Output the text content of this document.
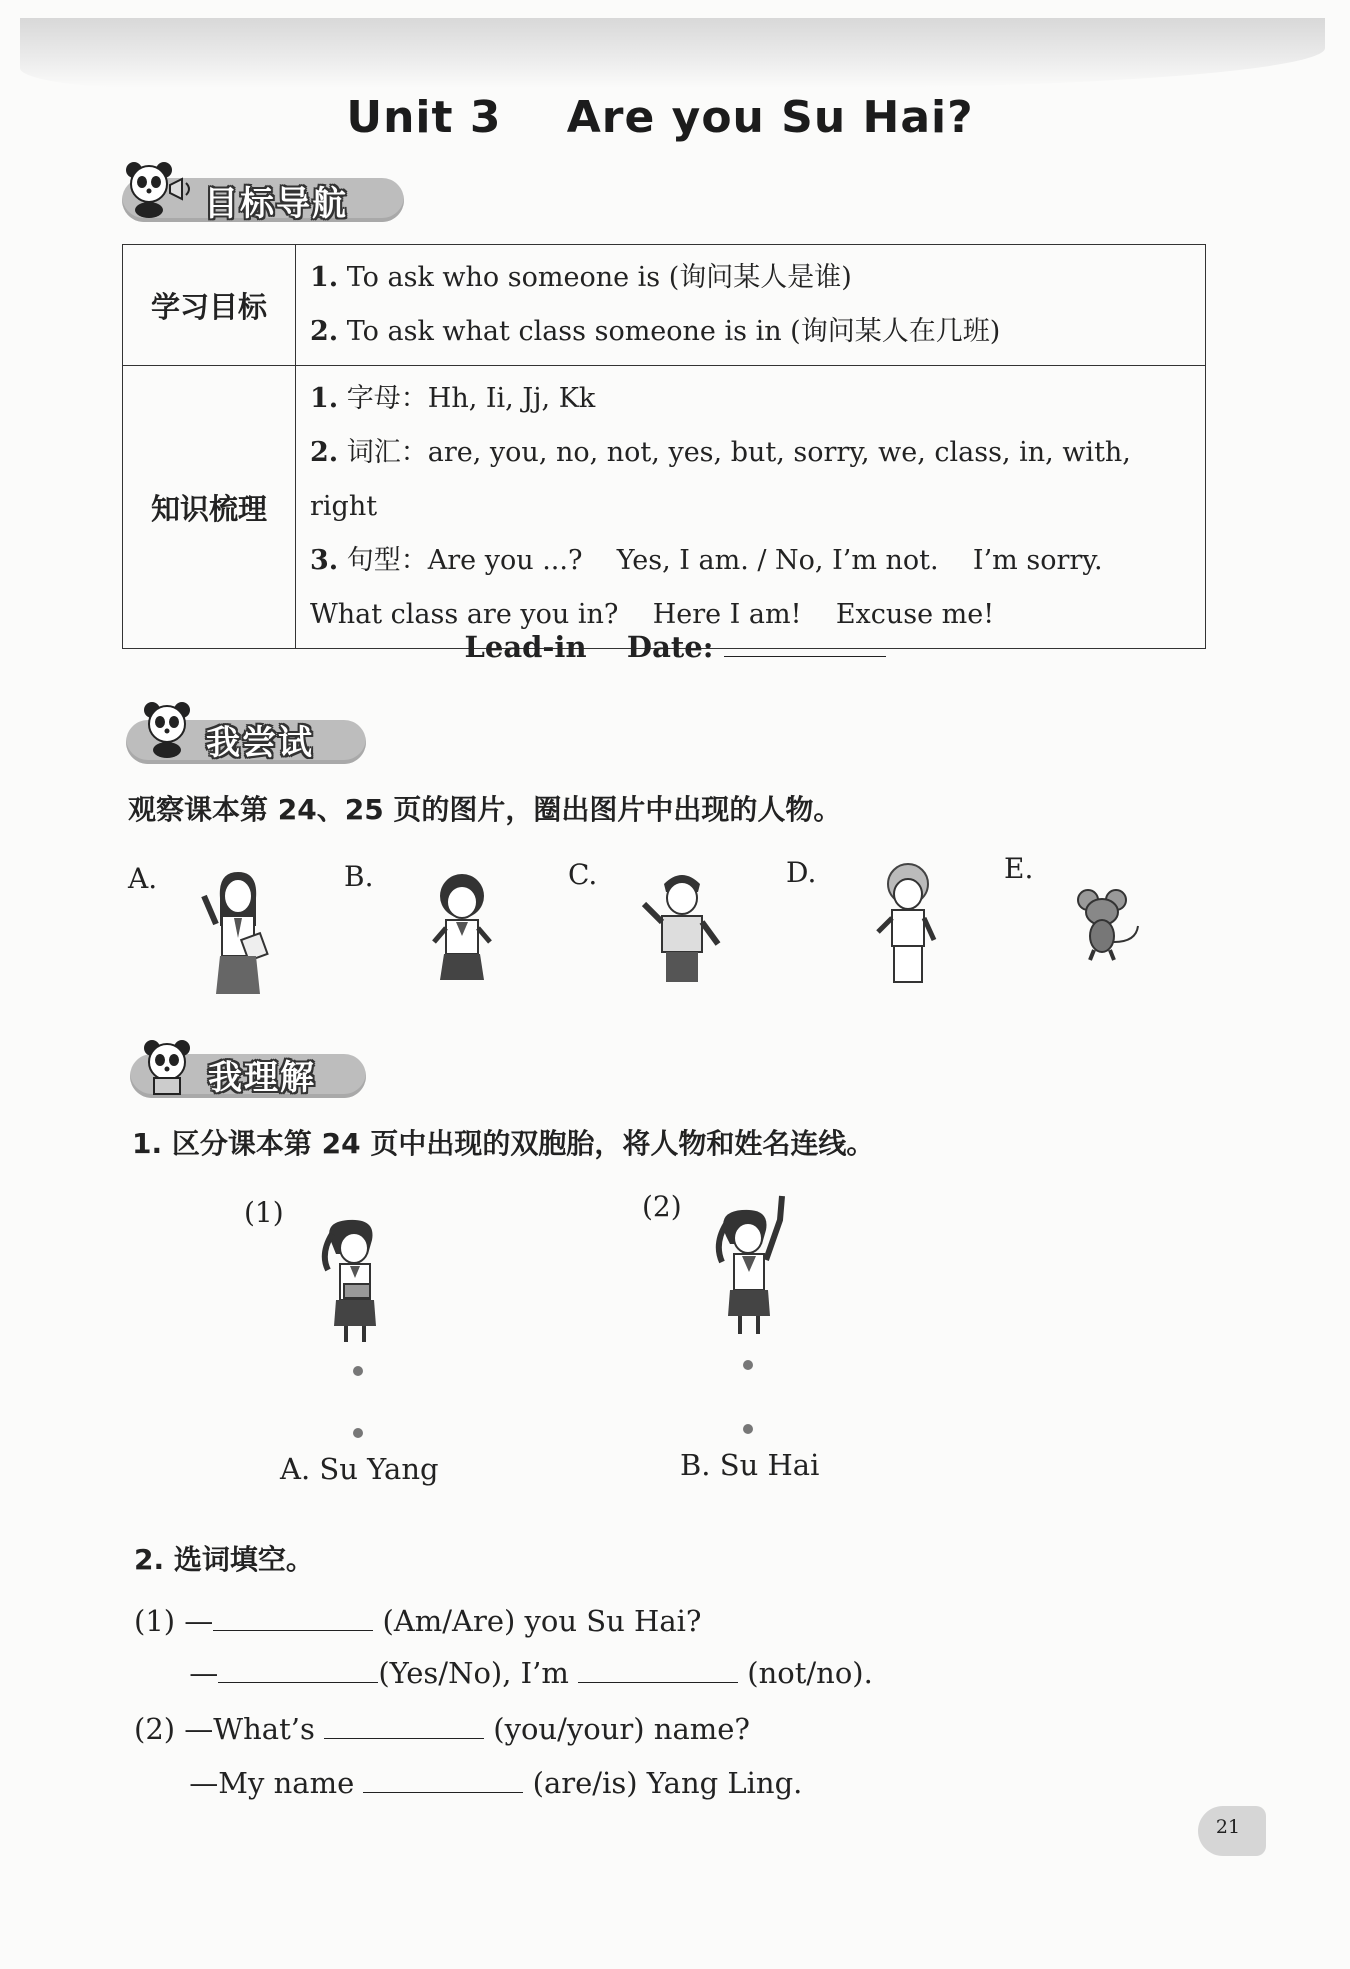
Unit 3    Are you Su Hai?
目标导航
学习目标	1. To ask who someone is (询问某人是谁)
2. To ask what class someone is in (询问某人在几班)

知识梳理	1. 字母：Hh, Ii, Jj, Kk
2. 词汇：are, you, no, not, yes, but, sorry, we, class, in, with, right
3. 句型：Are you ...?    Yes, I am. / No, I’m not.    I’m sorry.
What class are you in?    Here I am!    Excuse me!
Lead-in    Date:
我尝试
观察课本第 24、25 页的图片，圈出图片中出现的人物。
A.	B.	C.	D.	E.
我理解
1. 区分课本第 24 页中出现的双胞胎，将人物和姓名连线。
(1)	(2)
A. Su Yang	B. Su Hai
2. 选词填空。
(1) —	(Am/Are) you Su Hai?
—	(Yes/No), I’m	(not/no).
(2) —What’s	(you/your) name?
—My name	(are/is) Yang Ling.
21
